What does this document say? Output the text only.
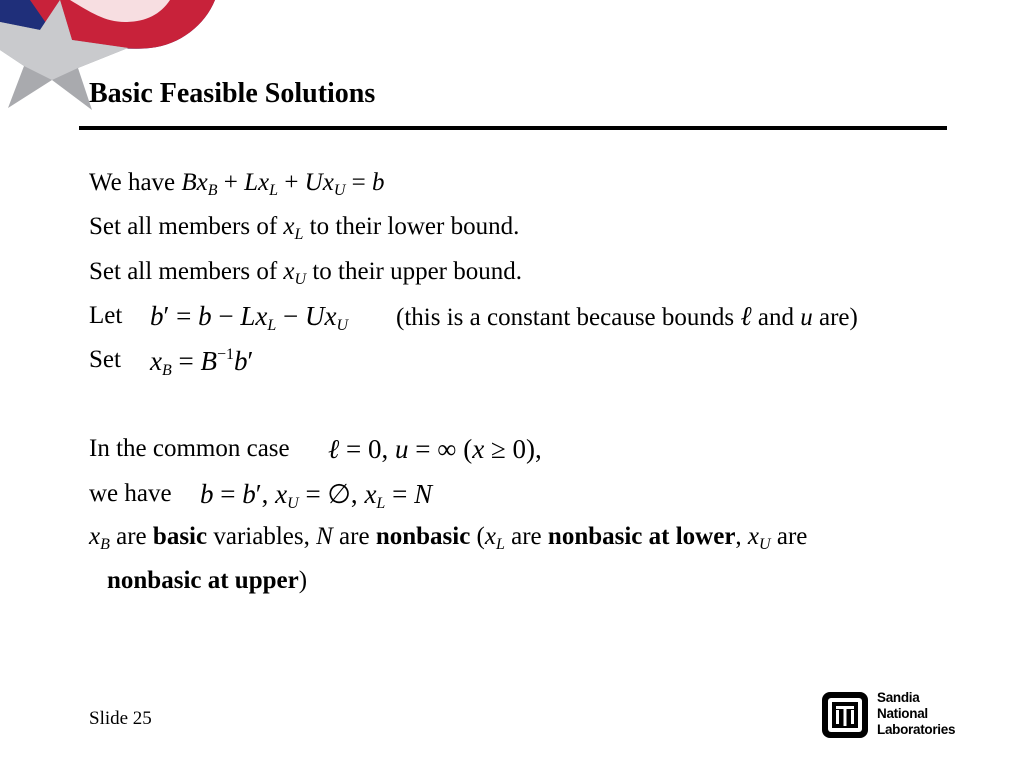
Basic Feasible Solutions
We have $Bx_B + Lx_L + Ux_U = b$
Set all members of $x_L$ to their lower bound.
Set all members of $x_U$ to their upper bound.
Let $b' = b - Lx_L - Ux_U$ (this is a constant because bounds ℓ and u are)
Set $x_B = B^{-1}b'$
In the common case ℓ = 0, u = ∞ (x ≥ 0),
we have b = b′, $x_U$ = ∅, $x_L = N$
$x_B$ are basic variables, N are nonbasic ($x_L$ are nonbasic at lower, $x_U$ are
nonbasic at upper)
Slide 25
Sandia
National
Laboratories
